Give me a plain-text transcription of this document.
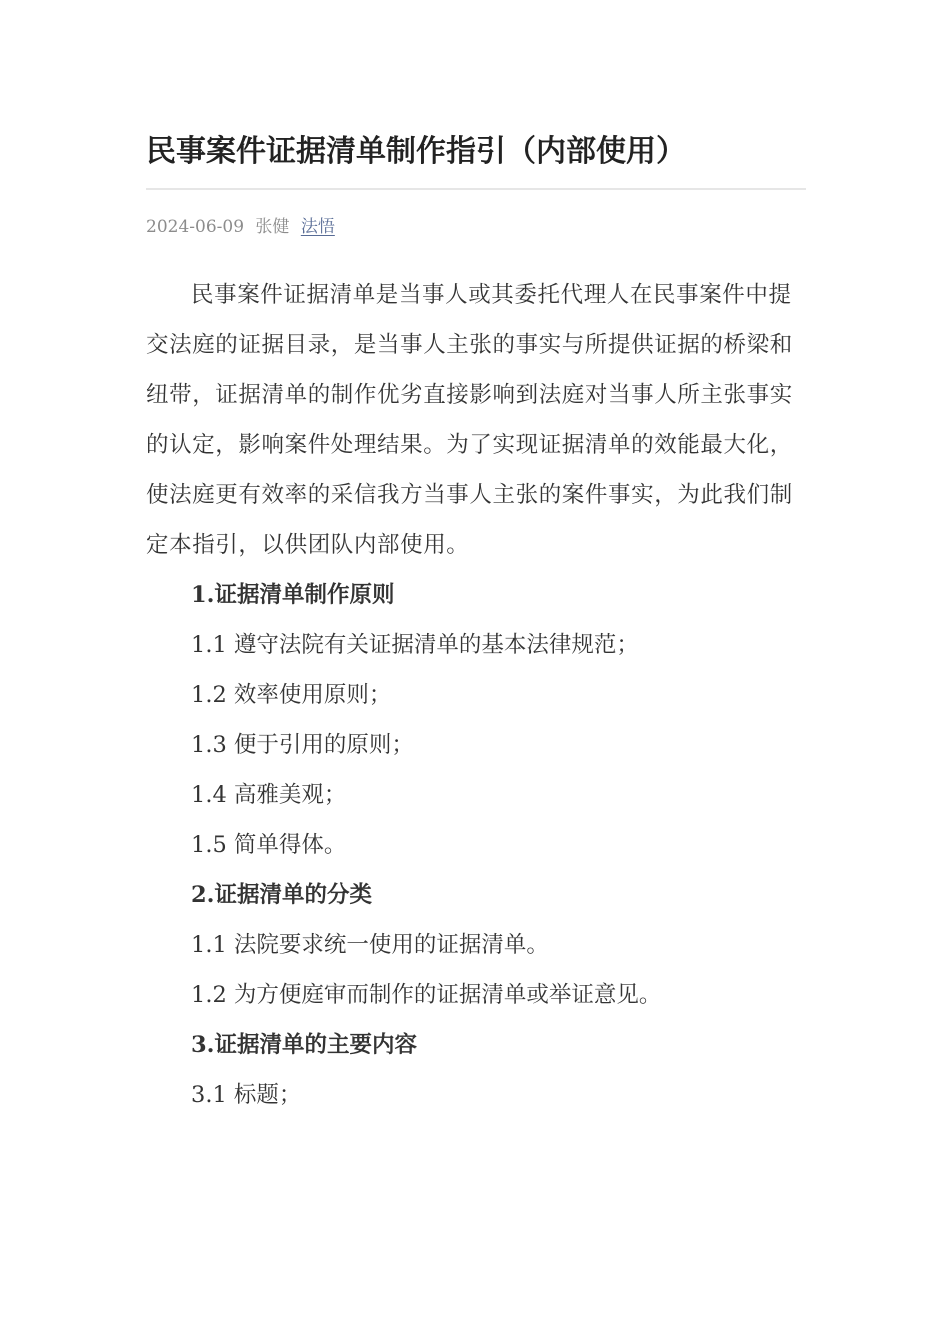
民事案件证据清单制作指引（内部使用）
2024-06-09 张健 法悟

民事案件证据清单是当事人或其委托代理人在民事案件中提交法庭的证据目录，是当事人主张的事实与所提供证据的桥梁和纽带，证据清单的制作优劣直接影响到法庭对当事人所主张事实的认定，影响案件处理结果。为了实现证据清单的效能最大化，使法庭更有效率的采信我方当事人主张的案件事实，为此我们制定本指引，以供团队内部使用。

1.证据清单制作原则

1.1 遵守法院有关证据清单的基本法律规范；

1.2 效率使用原则；

1.3 便于引用的原则；

1.4 高雅美观；

1.5 简单得体。

2.证据清单的分类

1.1 法院要求统一使用的证据清单。

1.2 为方便庭审而制作的证据清单或举证意见。

3.证据清单的主要内容

3.1 标题；
